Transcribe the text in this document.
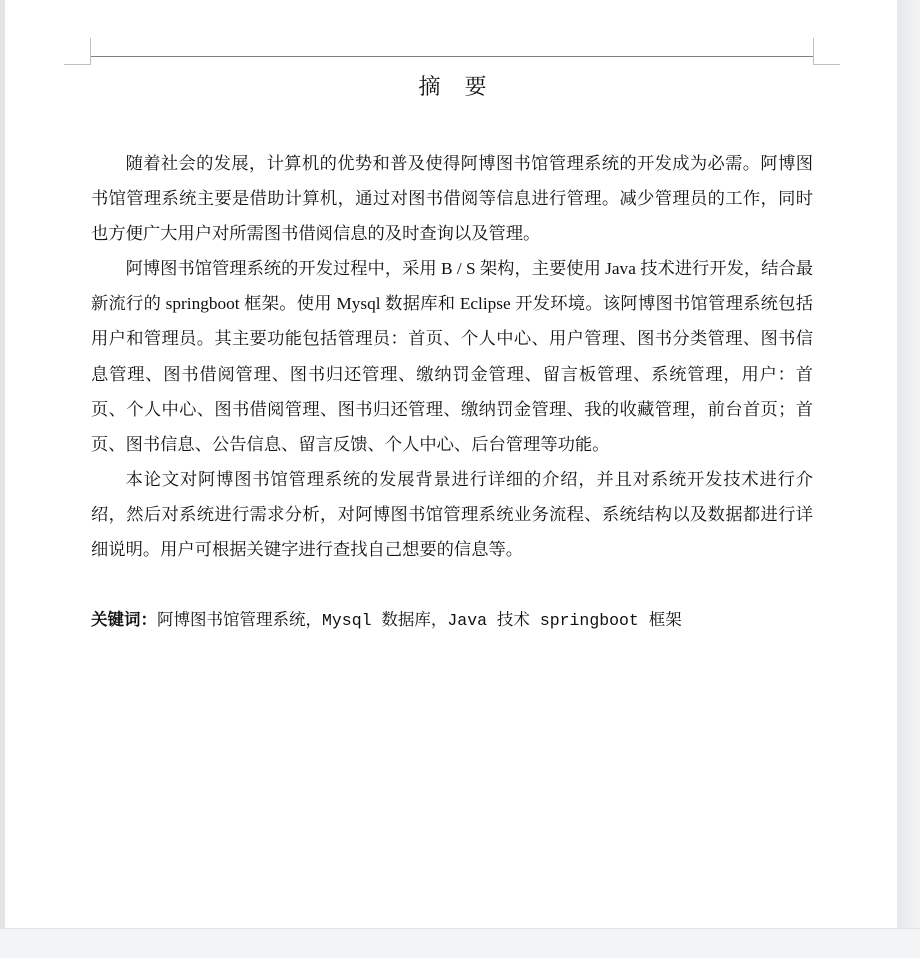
摘要

随着社会的发展，计算机的优势和普及使得阿博图书馆管理系统的开发成为必需。阿博图书馆管理系统主要是借助计算机，通过对图书借阅等信息进行管理。减少管理员的工作，同时也方便广大用户对所需图书借阅信息的及时查询以及管理。

阿博图书馆管理系统的开发过程中，采用 B / S 架构，主要使用 Java 技术进行开发，结合最新流行的 springboot 框架。使用 Mysql 数据库和 Eclipse 开发环境。该阿博图书馆管理系统包括用户和管理员。其主要功能包括管理员：首页、个人中心、用户管理、图书分类管理、图书信息管理、图书借阅管理、图书归还管理、缴纳罚金管理、留言板管理、系统管理，用户：首页、个人中心、图书借阅管理、图书归还管理、缴纳罚金管理、我的收藏管理，前台首页；首页、图书信息、公告信息、留言反馈、个人中心、后台管理等功能。

本论文对阿博图书馆管理系统的发展背景进行详细的介绍，并且对系统开发技术进行介绍，然后对系统进行需求分析，对阿博图书馆管理系统业务流程、系统结构以及数据都进行详细说明。用户可根据关键字进行查找自己想要的信息等。

关键词：阿博图书馆管理系统，Mysql 数据库，Java 技术 springboot 框架
